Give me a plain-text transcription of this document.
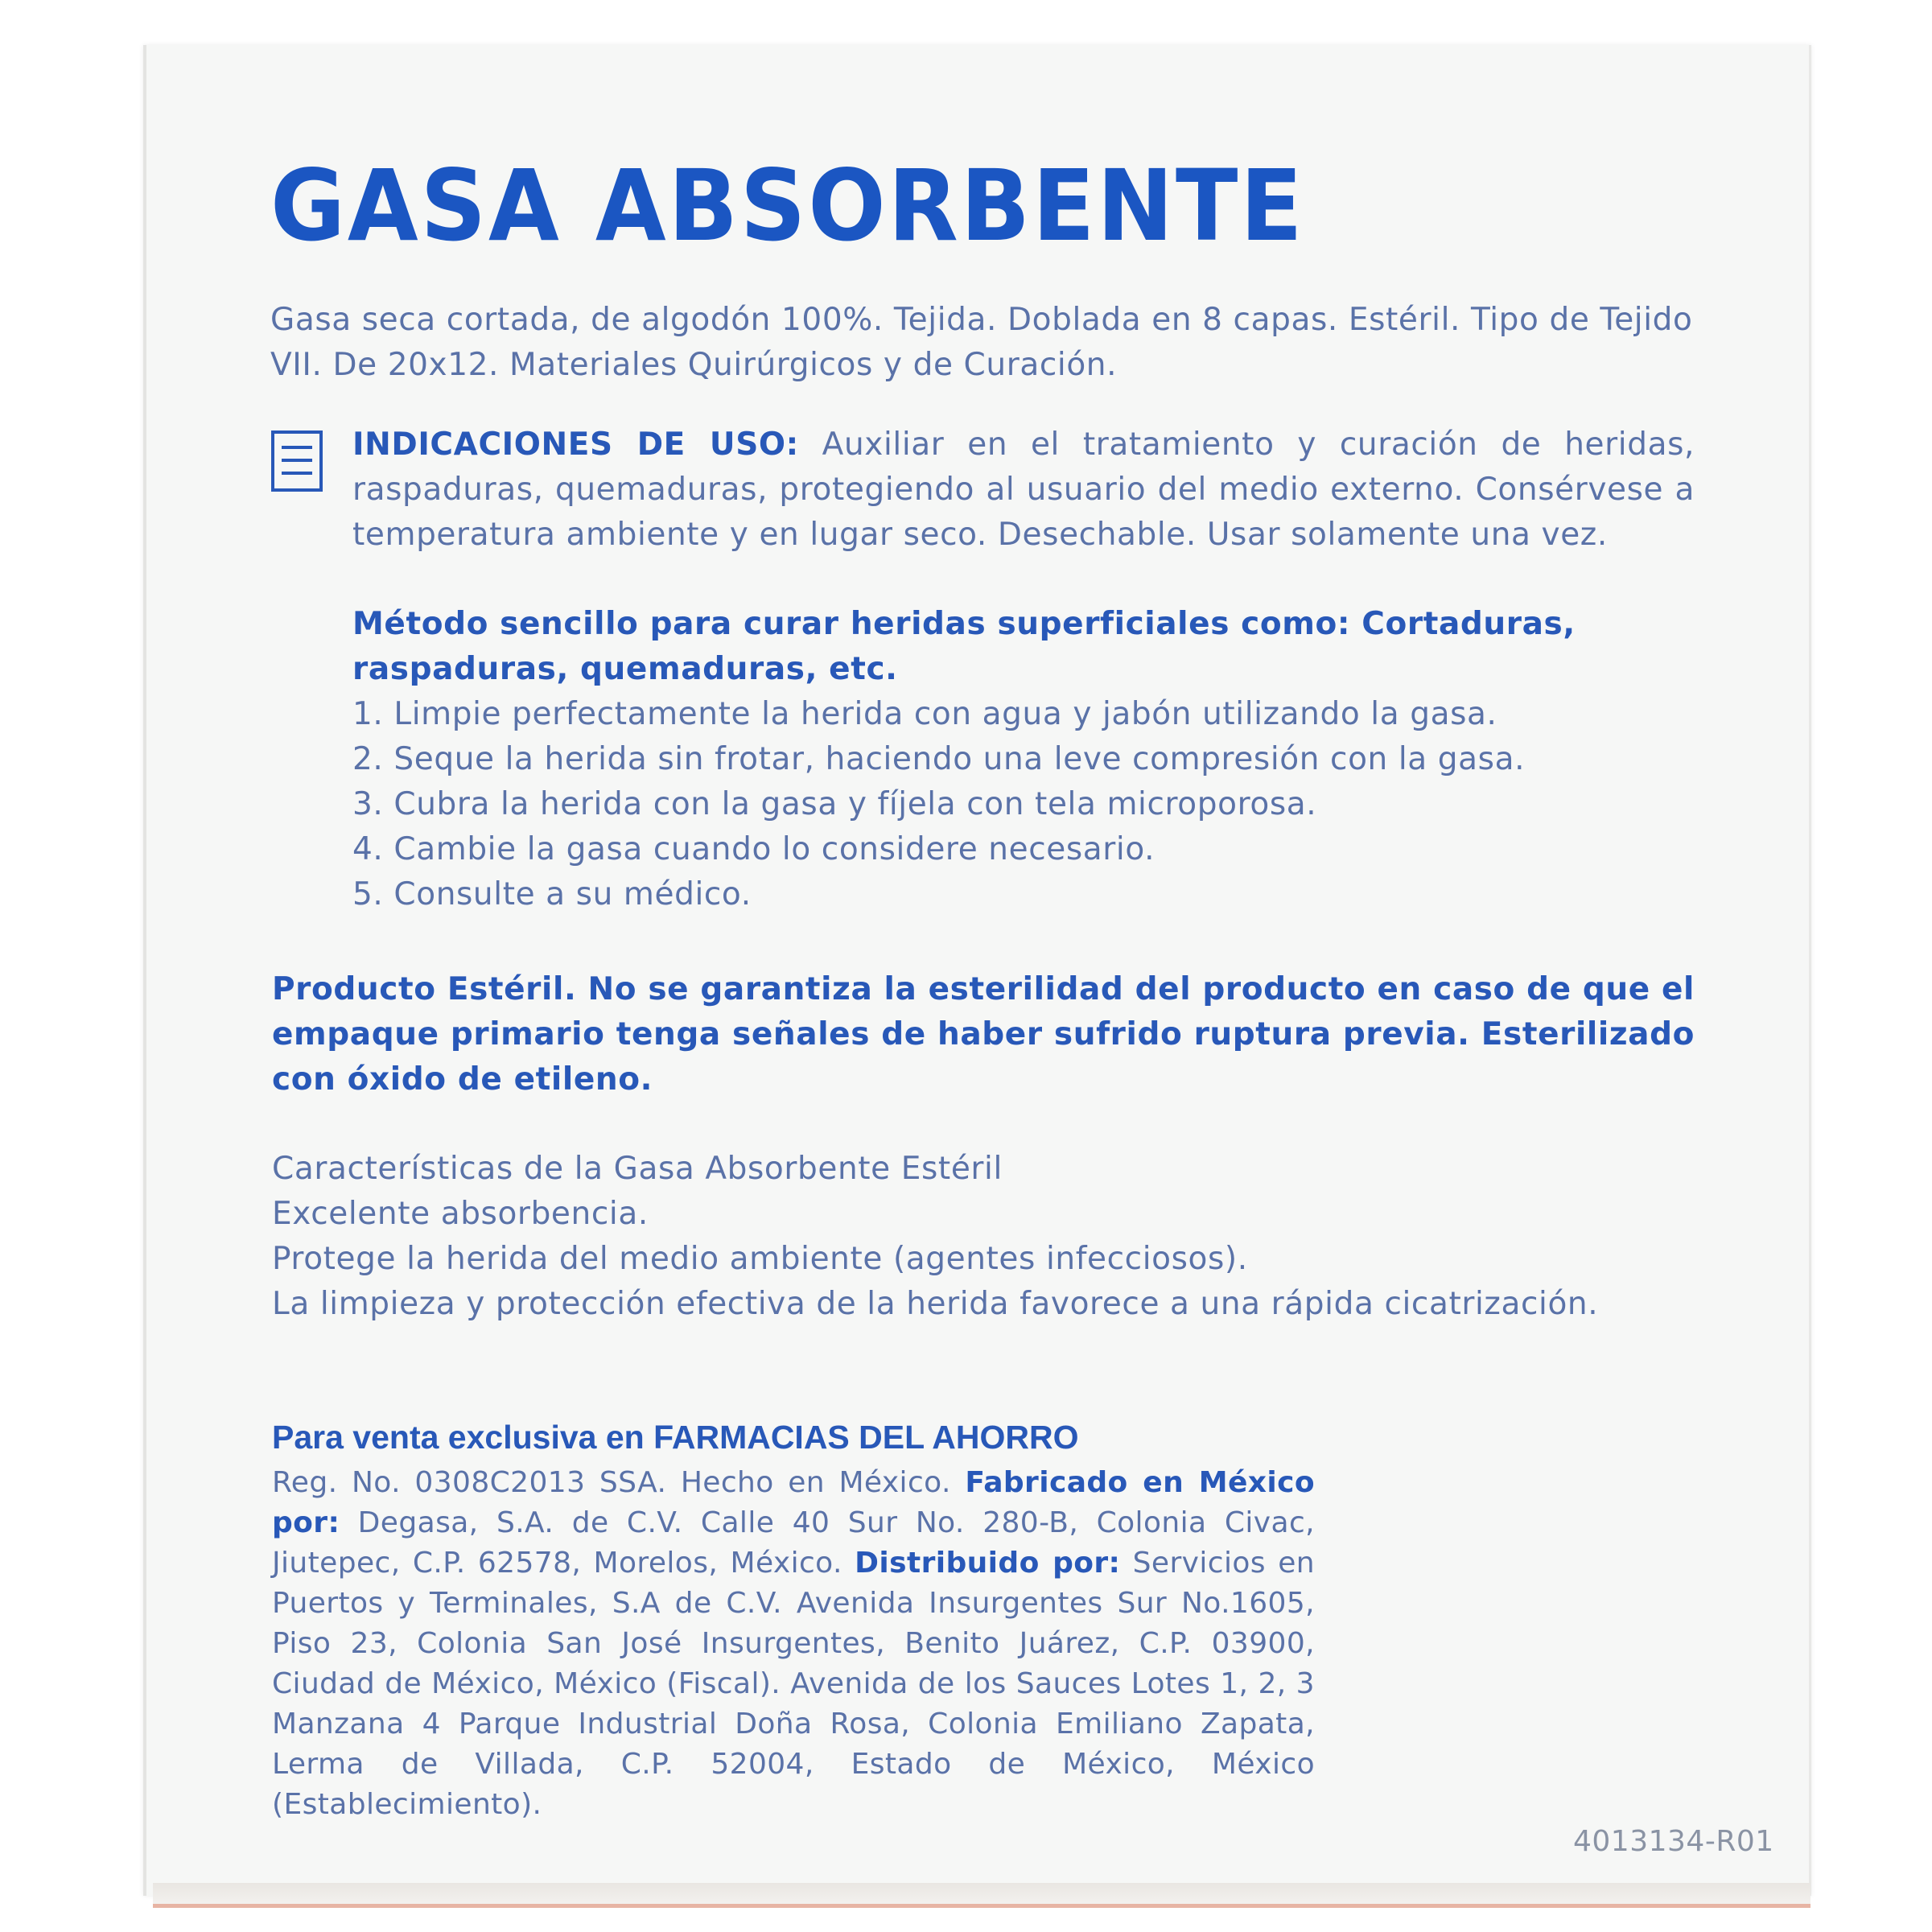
GASA ABSORBENTE
Gasa seca cortada, de algodón 100%. Tejida. Doblada en 8 capas. Estéril. Tipo de Tejido VII. De 20x12. Materiales Quirúrgicos y de Curación.
INDICACIONES DE USO: Auxiliar en el tratamiento y curación de heridas, raspaduras, quemaduras, protegiendo al usuario del medio externo. Consérvese a temperatura ambiente y en lugar seco. Desechable. Usar solamente una vez.
Método sencillo para curar heridas superficiales como: Cortaduras, raspaduras, quemaduras, etc.
1. Limpie perfectamente la herida con agua y jabón utilizando la gasa.
2. Seque la herida sin frotar, haciendo una leve compresión con la gasa.
3. Cubra la herida con la gasa y fíjela con tela microporosa.
4. Cambie la gasa cuando lo considere necesario.
5. Consulte a su médico.
Producto Estéril. No se garantiza la esterilidad del producto en caso de que el empaque primario tenga señales de haber sufrido ruptura previa. Esterilizado con óxido de etileno.
Características de la Gasa Absorbente Estéril
Excelente absorbencia.
Protege la herida del medio ambiente (agentes infecciosos).
La limpieza y protección efectiva de la herida favorece a una rápida cicatrización.
Para venta exclusiva en FARMACIAS DEL AHORRO
Reg. No. 0308C2013 SSA. Hecho en México. Fabricado en México por: Degasa, S.A. de C.V. Calle 40 Sur No. 280-B, Colonia Civac, Jiutepec, C.P. 62578, Morelos, México. Distribuido por: Servicios en Puertos y Terminales, S.A de C.V. Avenida Insurgentes Sur No.1605, Piso 23, Colonia San José Insurgentes, Benito Juárez, C.P. 03900, Ciudad de México, México (Fiscal). Avenida de los Sauces Lotes 1, 2, 3 Manzana 4 Parque Industrial Doña Rosa, Colonia Emiliano Zapata, Lerma de Villada, C.P. 52004, Estado de México, México (Establecimiento).
4013134-R01
